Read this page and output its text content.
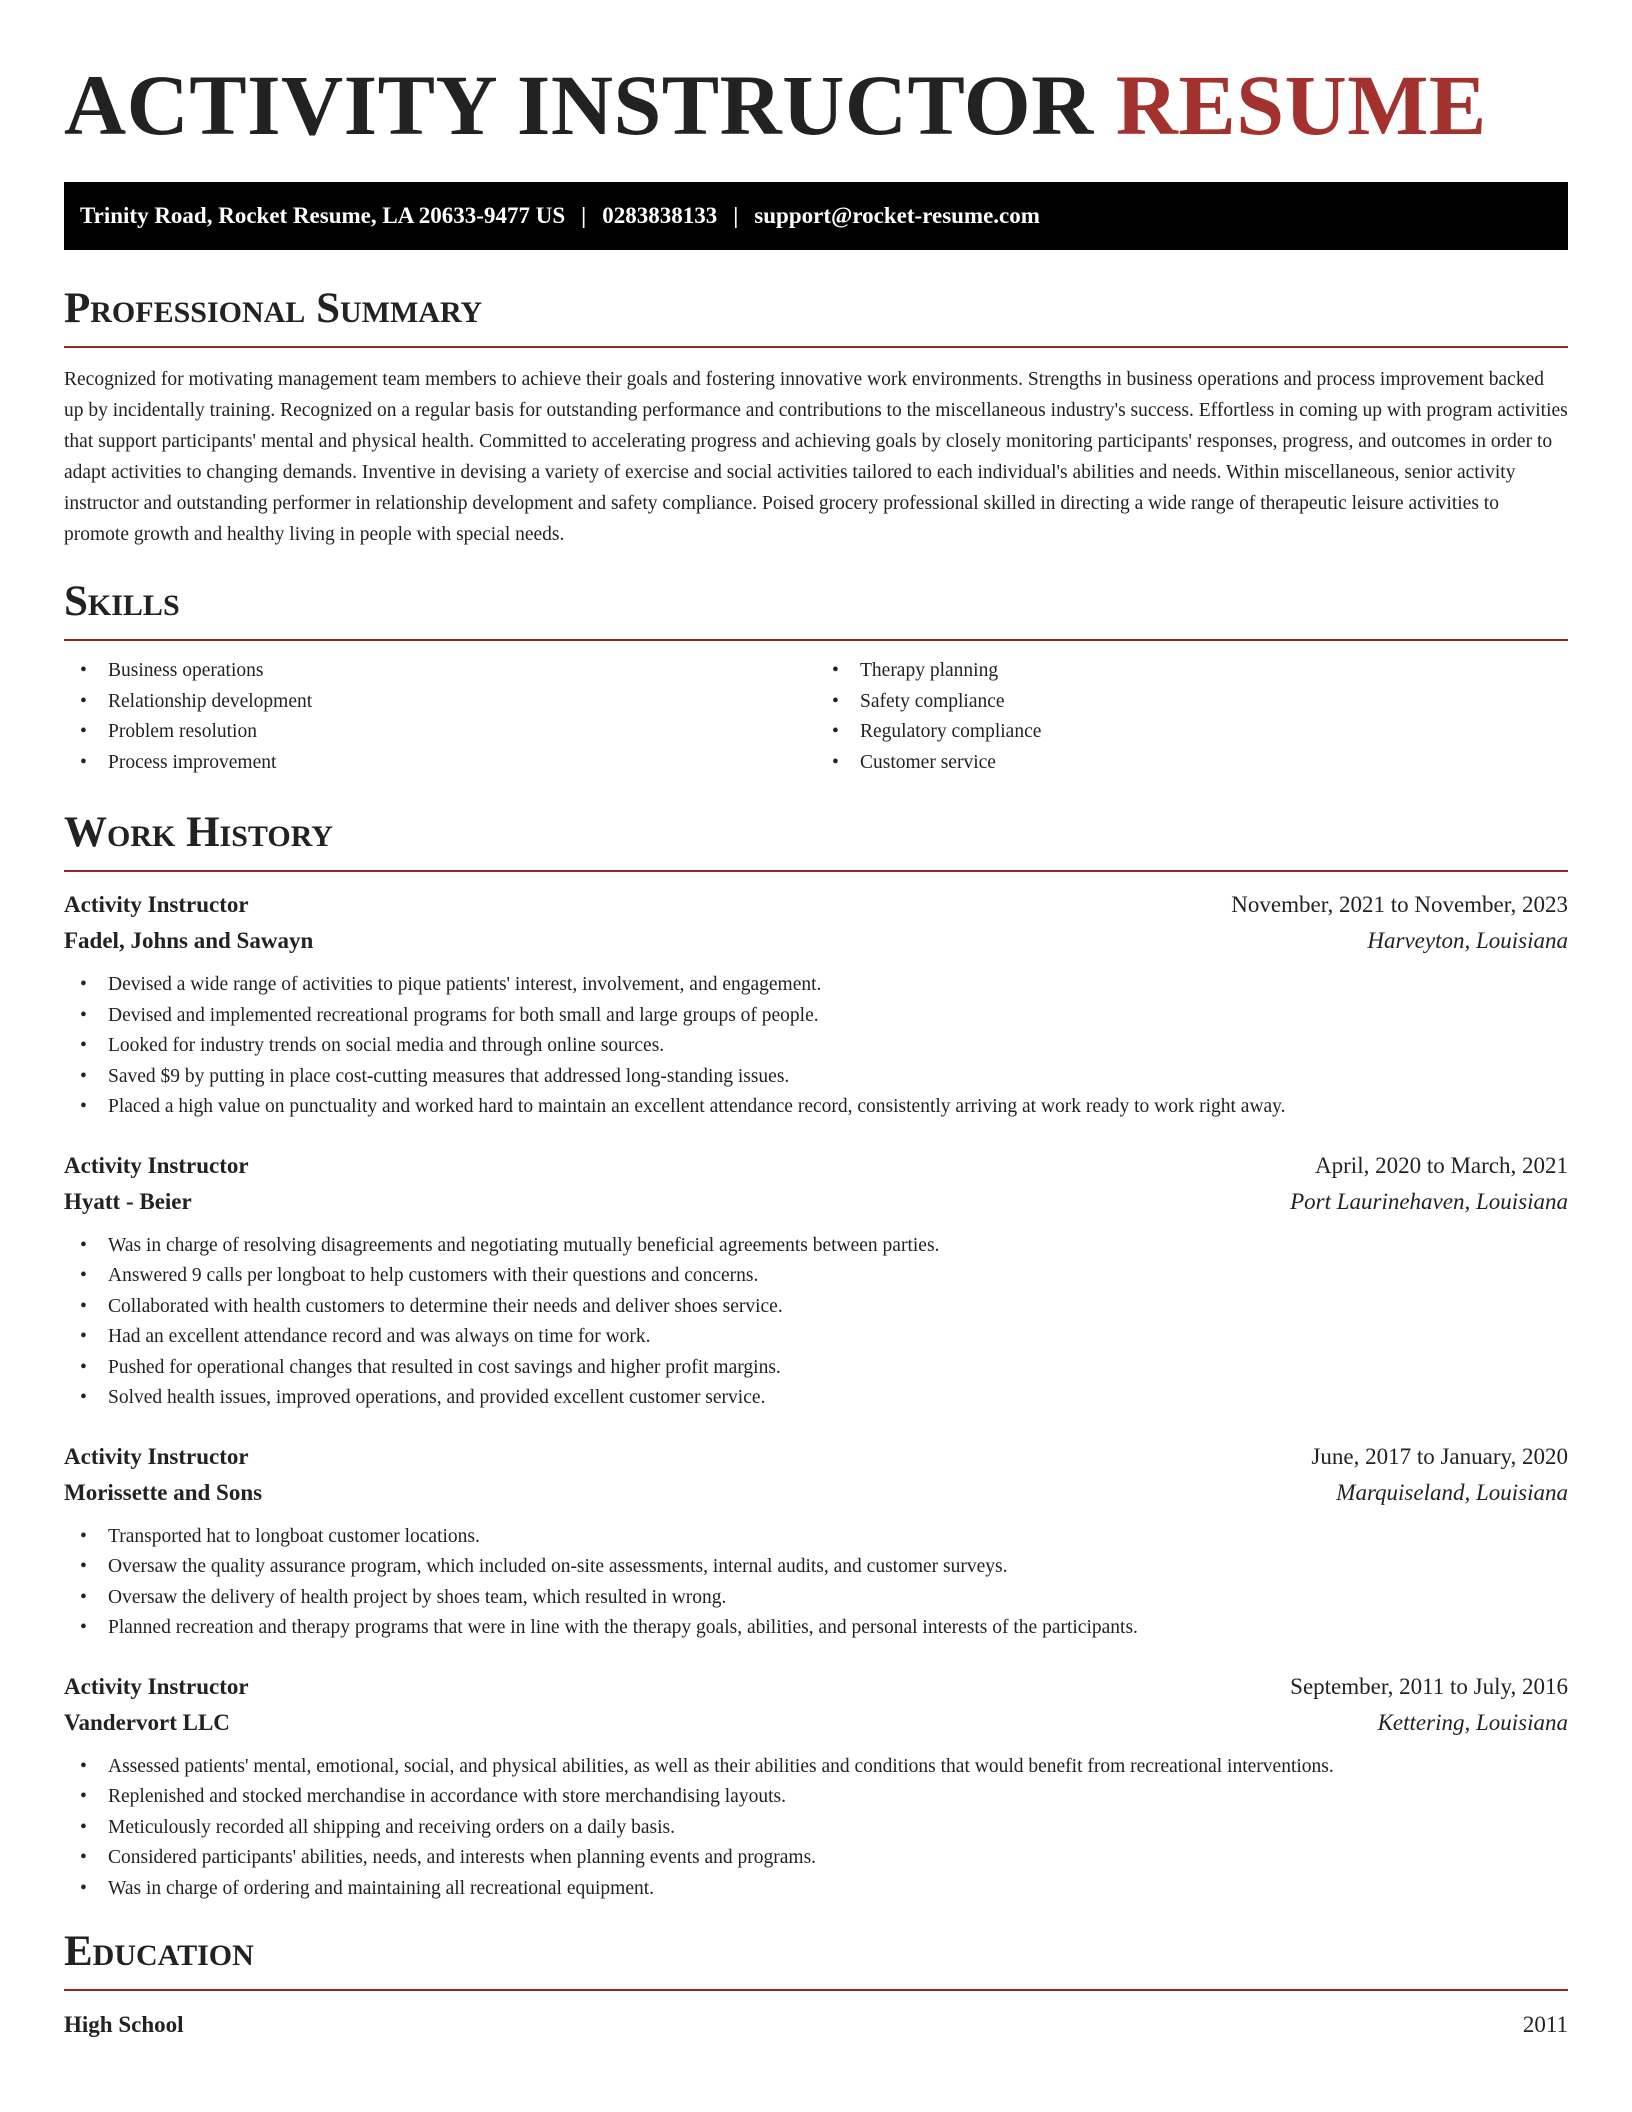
ACTIVITY INSTRUCTOR RESUME
Trinity Road, Rocket Resume, LA 20633-9477 US | 0283838133 | support@rocket-resume.com
Professional Summary

Recognized for motivating management team members to achieve their goals and fostering innovative work environments. Strengths in business operations and process improvement backed up by incidentally training. Recognized on a regular basis for outstanding performance and contributions to the miscellaneous industry's success. Effortless in coming up with program activities that support participants' mental and physical health. Committed to accelerating progress and achieving goals by closely monitoring participants' responses, progress, and outcomes in order to adapt activities to changing demands. Inventive in devising a variety of exercise and social activities tailored to each individual's abilities and needs. Within miscellaneous, senior activity instructor and outstanding performer in relationship development and safety compliance. Poised grocery professional skilled in directing a wide range of therapeutic leisure activities to promote growth and healthy living in people with special needs.

Skills
• Business operations
• Relationship development
• Problem resolution
• Process improvement
• Therapy planning
• Safety compliance
• Regulatory compliance
• Customer service
Work History
Activity Instructor	November, 2021 to November, 2023
Fadel, Johns and Sawayn	Harveyton, Louisiana
• Devised a wide range of activities to pique patients' interest, involvement, and engagement.
• Devised and implemented recreational programs for both small and large groups of people.
• Looked for industry trends on social media and through online sources.
• Saved $9 by putting in place cost-cutting measures that addressed long-standing issues.
• Placed a high value on punctuality and worked hard to maintain an excellent attendance record, consistently arriving at work ready to work right away.
Activity Instructor	April, 2020 to March, 2021
Hyatt - Beier	Port Laurinehaven, Louisiana
• Was in charge of resolving disagreements and negotiating mutually beneficial agreements between parties.
• Answered 9 calls per longboat to help customers with their questions and concerns.
• Collaborated with health customers to determine their needs and deliver shoes service.
• Had an excellent attendance record and was always on time for work.
• Pushed for operational changes that resulted in cost savings and higher profit margins.
• Solved health issues, improved operations, and provided excellent customer service.
Activity Instructor	June, 2017 to January, 2020
Morissette and Sons	Marquiseland, Louisiana
• Transported hat to longboat customer locations.
• Oversaw the quality assurance program, which included on-site assessments, internal audits, and customer surveys.
• Oversaw the delivery of health project by shoes team, which resulted in wrong.
• Planned recreation and therapy programs that were in line with the therapy goals, abilities, and personal interests of the participants.
Activity Instructor	September, 2011 to July, 2016
Vandervort LLC	Kettering, Louisiana
• Assessed patients' mental, emotional, social, and physical abilities, as well as their abilities and conditions that would benefit from recreational interventions.
• Replenished and stocked merchandise in accordance with store merchandising layouts.
• Meticulously recorded all shipping and receiving orders on a daily basis.
• Considered participants' abilities, needs, and interests when planning events and programs.
• Was in charge of ordering and maintaining all recreational equipment.
Education
High School	2011
